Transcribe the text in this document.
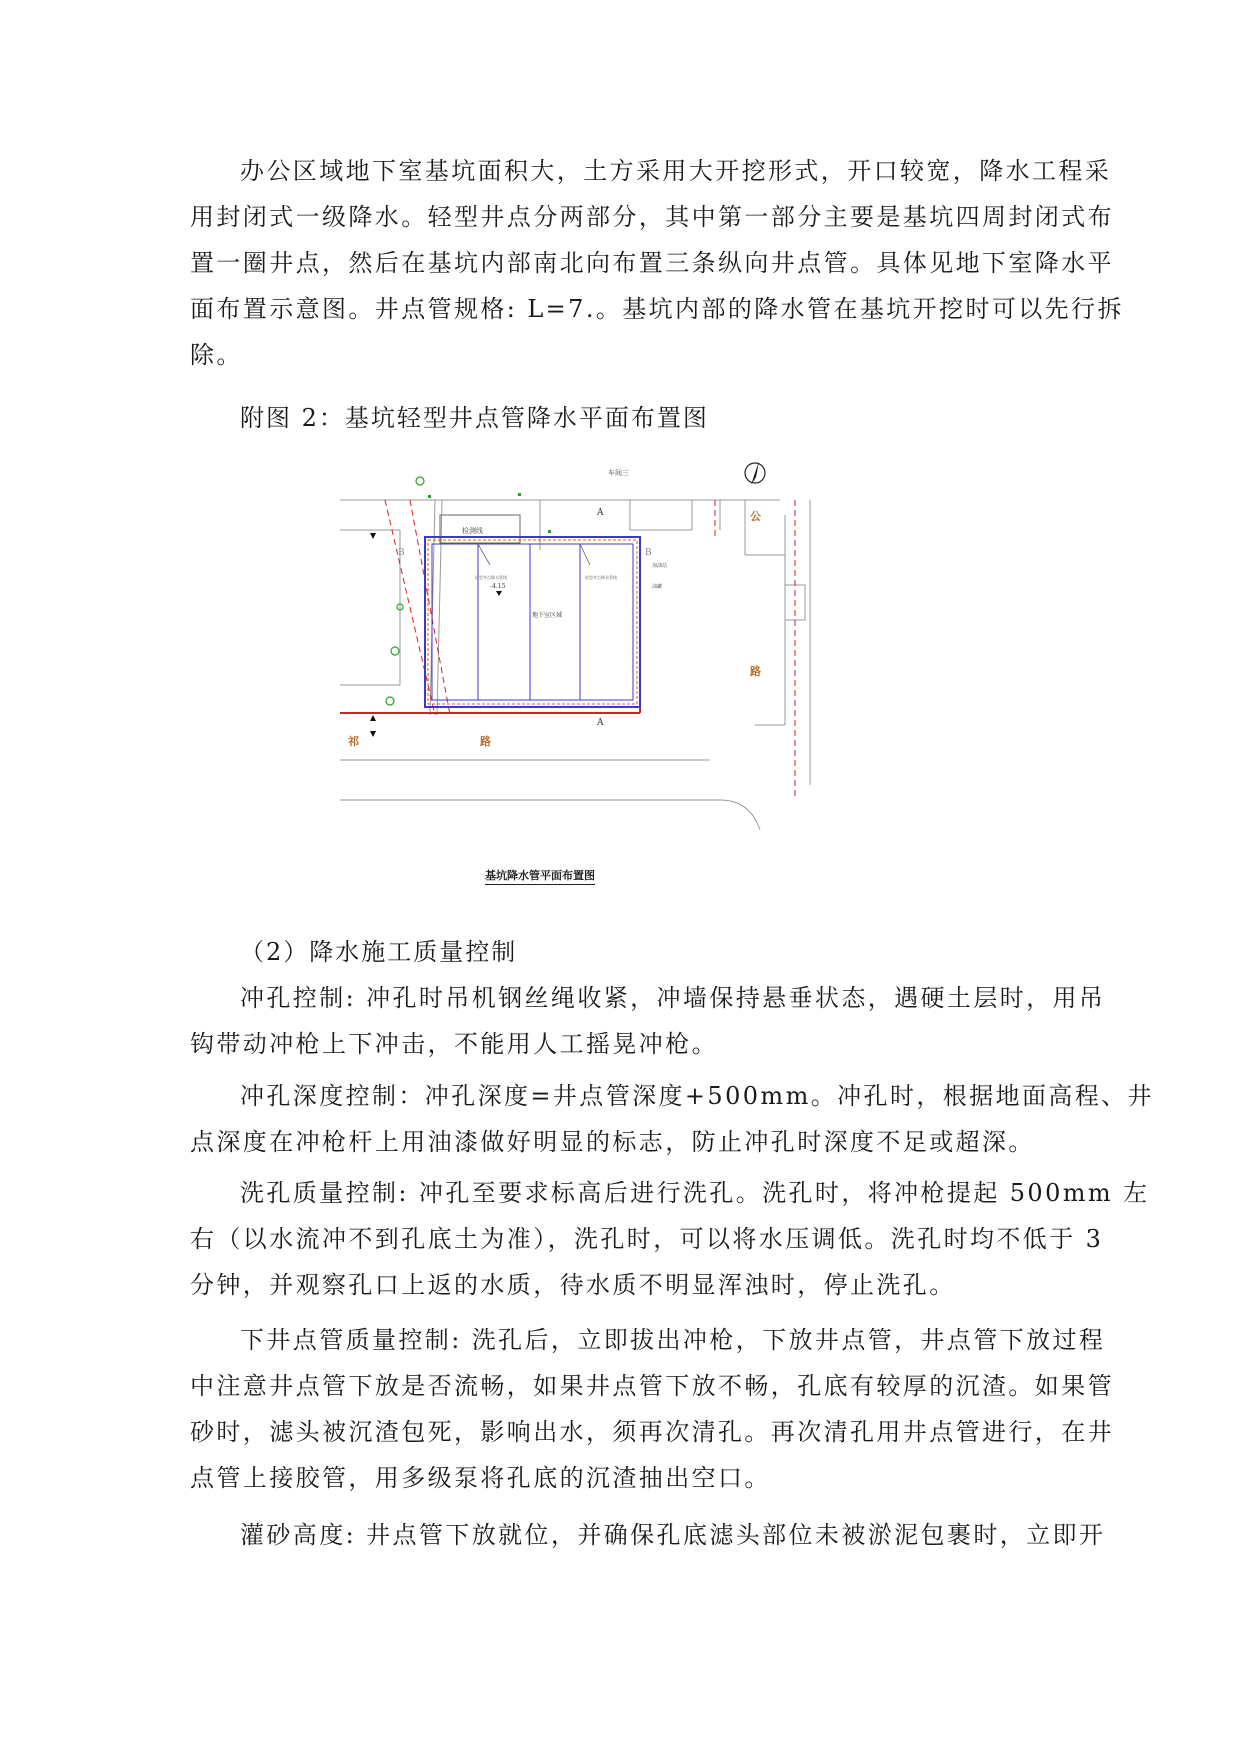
办公区域地下室基坑面积大，土方采用大开挖形式，开口较宽，降水工程采
用封闭式一级降水。轻型井点分两部分，其中第一部分主要是基坑四周封闭式布
置一圈井点，然后在基坑内部南北向布置三条纵向井点管。具体见地下室降水平
面布置示意图。井点管规格: L=7.。基坑内部的降水管在基坑开挖时可以先行拆
除。

附图 2：基坑轻型井点管降水平面布置图

检测线
车间三
轻型井点降水管线	轻型井点降水管线
-4.15
地下室区域
A
A
B	B
加油站
油罐
公
路
祁	路
基坑降水管平面布置图

（2）降水施工质量控制

冲孔控制: 冲孔时吊机钢丝绳收紧，冲墙保持悬垂状态，遇硬土层时，用吊
钩带动冲枪上下冲击，不能用人工摇晃冲枪。

冲孔深度控制：冲孔深度=井点管深度+500mm。冲孔时，根据地面高程、井
点深度在冲枪杆上用油漆做好明显的标志，防止冲孔时深度不足或超深。

洗孔质量控制: 冲孔至要求标高后进行洗孔。洗孔时，将冲枪提起 500mm 左
右（以水流冲不到孔底土为准），洗孔时，可以将水压调低。洗孔时均不低于 3
分钟，并观察孔口上返的水质，待水质不明显浑浊时，停止洗孔。

下井点管质量控制: 洗孔后，立即拔出冲枪，下放井点管，井点管下放过程
中注意井点管下放是否流畅，如果井点管下放不畅，孔底有较厚的沉渣。如果管
砂时，滤头被沉渣包死，影响出水，须再次清孔。再次清孔用井点管进行，在井
点管上接胶管，用多级泵将孔底的沉渣抽出空口。

灌砂高度: 井点管下放就位，并确保孔底滤头部位未被淤泥包裹时，立即开
